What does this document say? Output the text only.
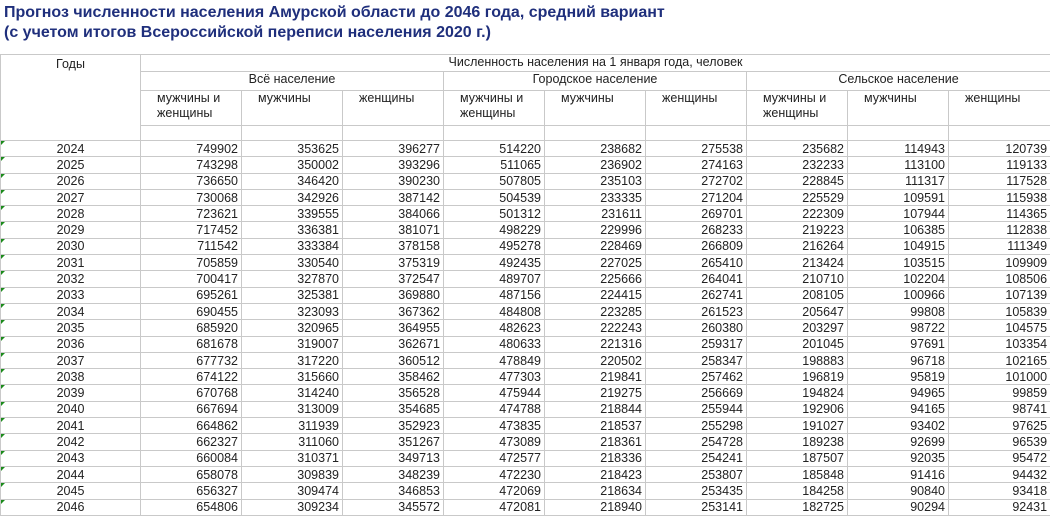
Прогноз численности населения Амурской области до 2046 года, средний вариант
(с учетом итогов Всероссийской переписи населения 2020 г.)
Годы	Численность населения на 1 января года, человек								
	Всё население			Городское население			Сельское население		
	мужчины и женщины	мужчины	женщины	мужчины и женщины	мужчины	женщины	мужчины и женщины	мужчины	женщины

2024	749902	353625	396277	514220	238682	275538	235682	114943	120739

2025	743298	350002	393296	511065	236902	274163	232233	113100	119133

2026	736650	346420	390230	507805	235103	272702	228845	111317	117528

2027	730068	342926	387142	504539	233335	271204	225529	109591	115938

2028	723621	339555	384066	501312	231611	269701	222309	107944	114365

2029	717452	336381	381071	498229	229996	268233	219223	106385	112838

2030	711542	333384	378158	495278	228469	266809	216264	104915	111349

2031	705859	330540	375319	492435	227025	265410	213424	103515	109909

2032	700417	327870	372547	489707	225666	264041	210710	102204	108506

2033	695261	325381	369880	487156	224415	262741	208105	100966	107139

2034	690455	323093	367362	484808	223285	261523	205647	99808	105839

2035	685920	320965	364955	482623	222243	260380	203297	98722	104575

2036	681678	319007	362671	480633	221316	259317	201045	97691	103354

2037	677732	317220	360512	478849	220502	258347	198883	96718	102165

2038	674122	315660	358462	477303	219841	257462	196819	95819	101000

2039	670768	314240	356528	475944	219275	256669	194824	94965	99859

2040	667694	313009	354685	474788	218844	255944	192906	94165	98741

2041	664862	311939	352923	473835	218537	255298	191027	93402	97625

2042	662327	311060	351267	473089	218361	254728	189238	92699	96539

2043	660084	310371	349713	472577	218336	254241	187507	92035	95472

2044	658078	309839	348239	472230	218423	253807	185848	91416	94432

2045	656327	309474	346853	472069	218634	253435	184258	90840	93418

2046	654806	309234	345572	472081	218940	253141	182725	90294	92431
